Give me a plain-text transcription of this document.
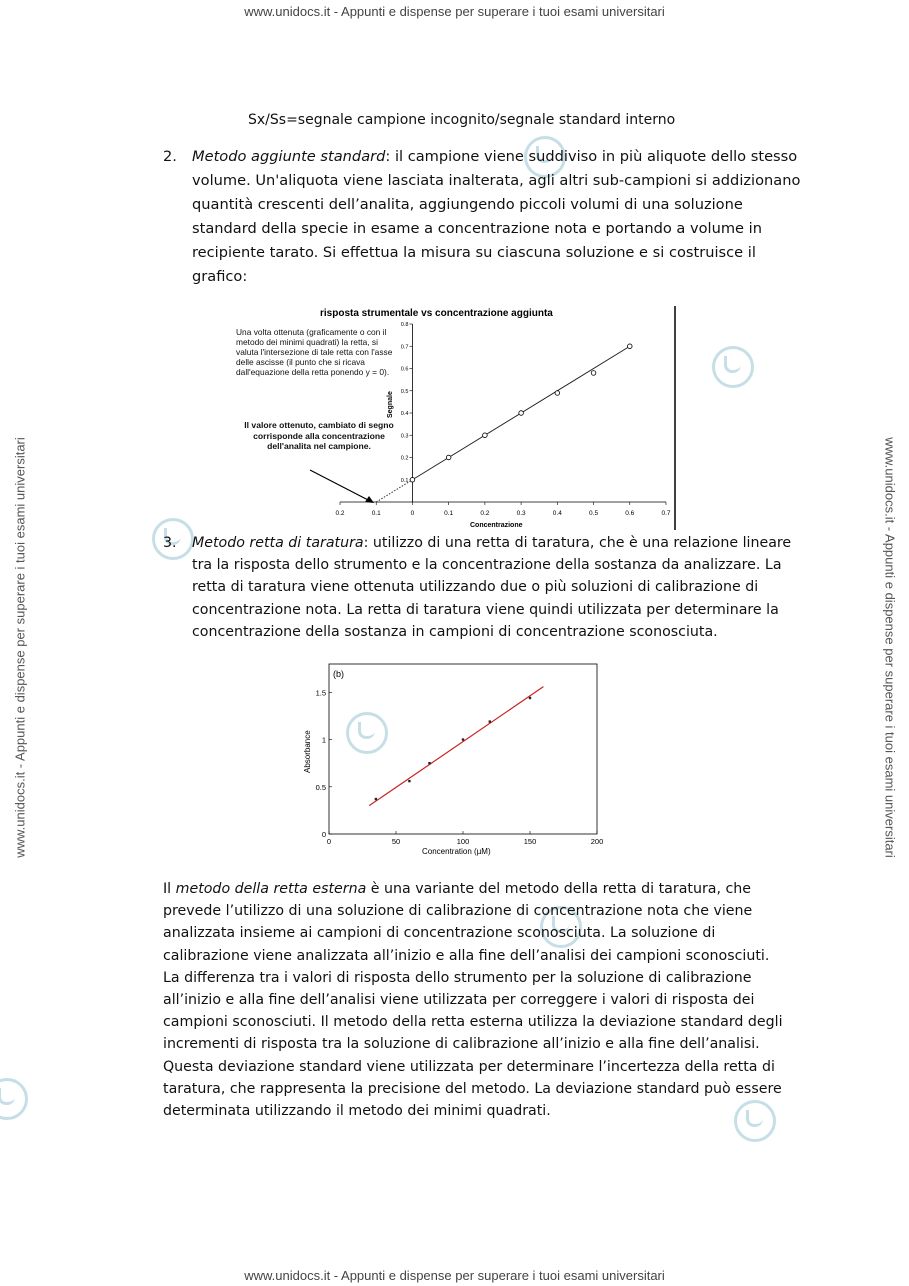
www.unidocs.it - Appunti e dispense per superare i tuoi esami universitari
www.unidocs.it - Appunti e dispense per superare i tuoi esami universitari
www.unidocs.it - Appunti e dispense per superare i tuoi esami universitari	www.unidocs.it - Appunti e dispense per superare i tuoi esami universitari
Sx/Ss=segnale campione incognito/segnale standard interno
2. Metodo aggiunte standard: il campione viene suddiviso in più aliquote dello stesso volume. Un'aliquota viene lasciata inalterata, agli altri sub-campioni si addizionano quantità crescenti dell’analita, aggiungendo piccoli volumi di una soluzione standard della specie in esame a concentrazione nota e portando a volume in recipiente tarato. Si effettua la misura su ciascuna soluzione e si costruisce il grafico:
risposta strumentale vs concentrazione aggiunta
0.2	0.1	0	0.1	0.2	0.3	0.4	0.5	0.6	0.7
0.1
0.2
0.3
0.4
0.5
0.6
0.7
0.8
Segnale
Concentrazione
Una volta ottenuta (graficamente o con il metodo dei minimi quadrati) la retta, si valuta l'intersezione di tale retta con l'asse delle ascisse (il punto che si ricava dall'equazione della retta ponendo y = 0).
Il valore ottenuto, cambiato di segno corrisponde alla concentrazione dell'analita nel campione.
3. Metodo retta di taratura: utilizzo di una retta di taratura, che è una relazione lineare tra la risposta dello strumento e la concentrazione della sostanza da analizzare. La retta di taratura viene ottenuta utilizzando due o più soluzioni di calibrazione di concentrazione nota. La retta di taratura viene quindi utilizzata per determinare la concentrazione della sostanza in campioni di concentrazione sconosciuta.
(b)
0	50	100	150	200
0
0.5
1
1.5
Absorbance
Concentration (µM)
Il metodo della retta esterna è una variante del metodo della retta di taratura, che prevede l’utilizzo di una soluzione di calibrazione di concentrazione nota che viene analizzata insieme ai campioni di concentrazione sconosciuta. La soluzione di calibrazione viene analizzata all’inizio e alla fine dell’analisi dei campioni sconosciuti. La differenza tra i valori di risposta dello strumento per la soluzione di calibrazione all’inizio e alla fine dell’analisi viene utilizzata per correggere i valori di risposta dei campioni sconosciuti. Il metodo della retta esterna utilizza la deviazione standard degli incrementi di risposta tra la soluzione di calibrazione all’inizio e alla fine dell’analisi. Questa deviazione standard viene utilizzata per determinare l’incertezza della retta di taratura, che rappresenta la precisione del metodo. La deviazione standard può essere determinata utilizzando il metodo dei minimi quadrati.
